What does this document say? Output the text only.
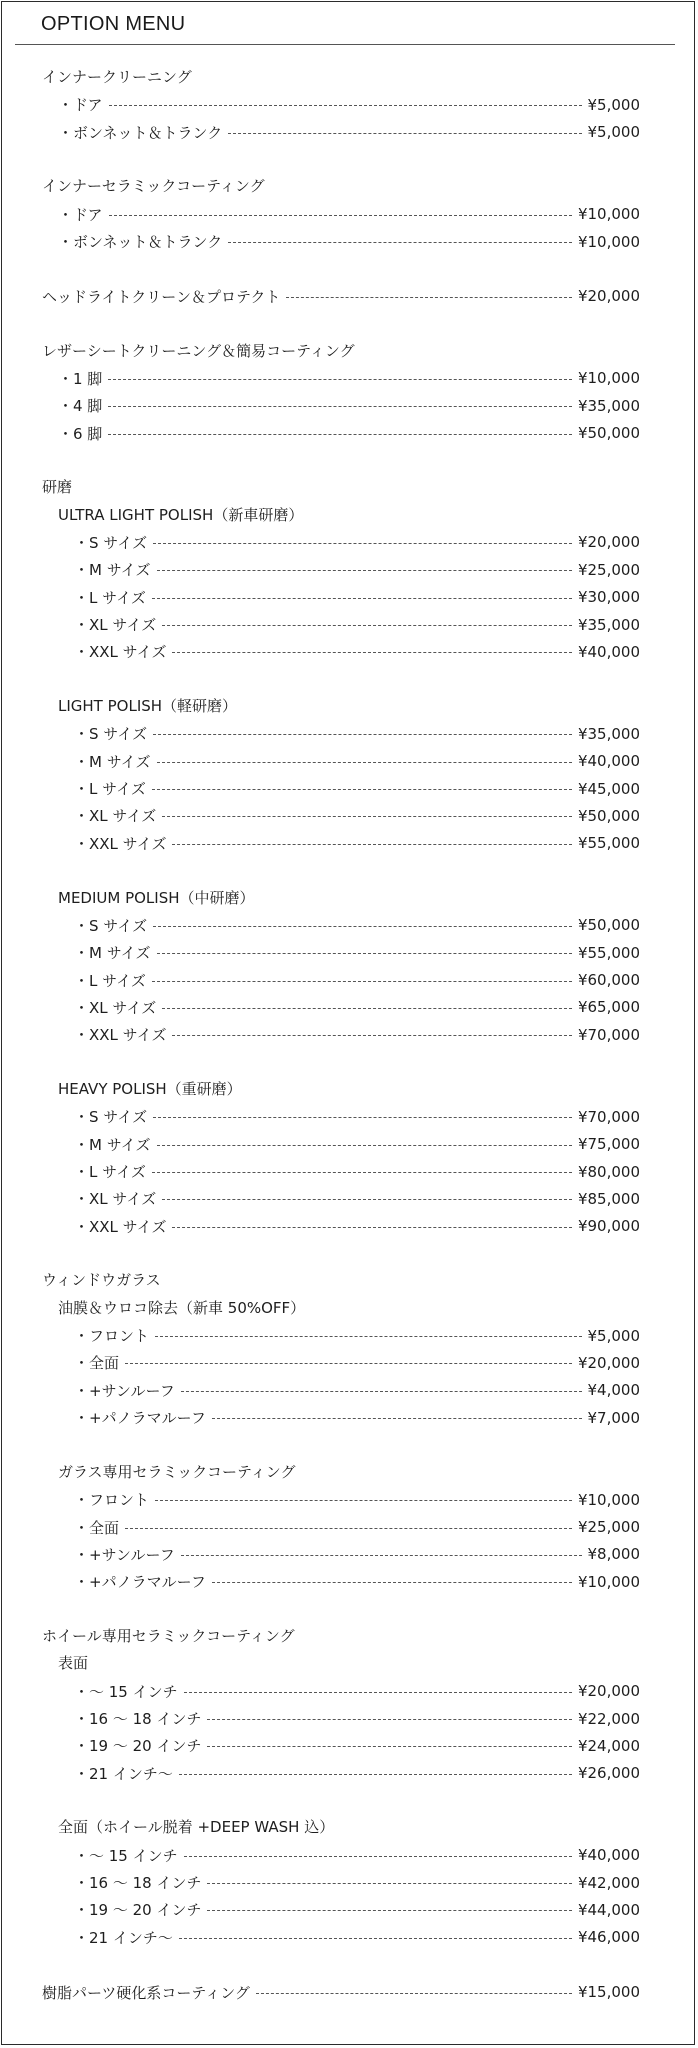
OPTION MENU
インナークリーニング
・ドア	¥5,000
・ボンネット＆トランク	¥5,000
インナーセラミックコーティング
・ドア	¥10,000
・ボンネット＆トランク	¥10,000
ヘッドライトクリーン＆プロテクト	¥20,000
レザーシートクリーニング＆簡易コーティング
・1 脚	¥10,000
・4 脚	¥35,000
・6 脚	¥50,000
研磨
ULTRA LIGHT POLISH（新車研磨）
・S サイズ	¥20,000
・M サイズ	¥25,000
・L サイズ	¥30,000
・XL サイズ	¥35,000
・XXL サイズ	¥40,000
LIGHT POLISH（軽研磨）
・S サイズ	¥35,000
・M サイズ	¥40,000
・L サイズ	¥45,000
・XL サイズ	¥50,000
・XXL サイズ	¥55,000
MEDIUM POLISH（中研磨）
・S サイズ	¥50,000
・M サイズ	¥55,000
・L サイズ	¥60,000
・XL サイズ	¥65,000
・XXL サイズ	¥70,000
HEAVY POLISH（重研磨）
・S サイズ	¥70,000
・M サイズ	¥75,000
・L サイズ	¥80,000
・XL サイズ	¥85,000
・XXL サイズ	¥90,000
ウィンドウガラス
油膜＆ウロコ除去（新車 50%OFF）
・フロント	¥5,000
・全面	¥20,000
・+サンルーフ	¥4,000
・+パノラマルーフ	¥7,000
ガラス専用セラミックコーティング
・フロント	¥10,000
・全面	¥25,000
・+サンルーフ	¥8,000
・+パノラマルーフ	¥10,000
ホイール専用セラミックコーティング
表面
・〜 15 インチ	¥20,000
・16 〜 18 インチ	¥22,000
・19 〜 20 インチ	¥24,000
・21 インチ〜	¥26,000
全面（ホイール脱着 +DEEP WASH 込）
・〜 15 インチ	¥40,000
・16 〜 18 インチ	¥42,000
・19 〜 20 インチ	¥44,000
・21 インチ〜	¥46,000
樹脂パーツ硬化系コーティング	¥15,000
